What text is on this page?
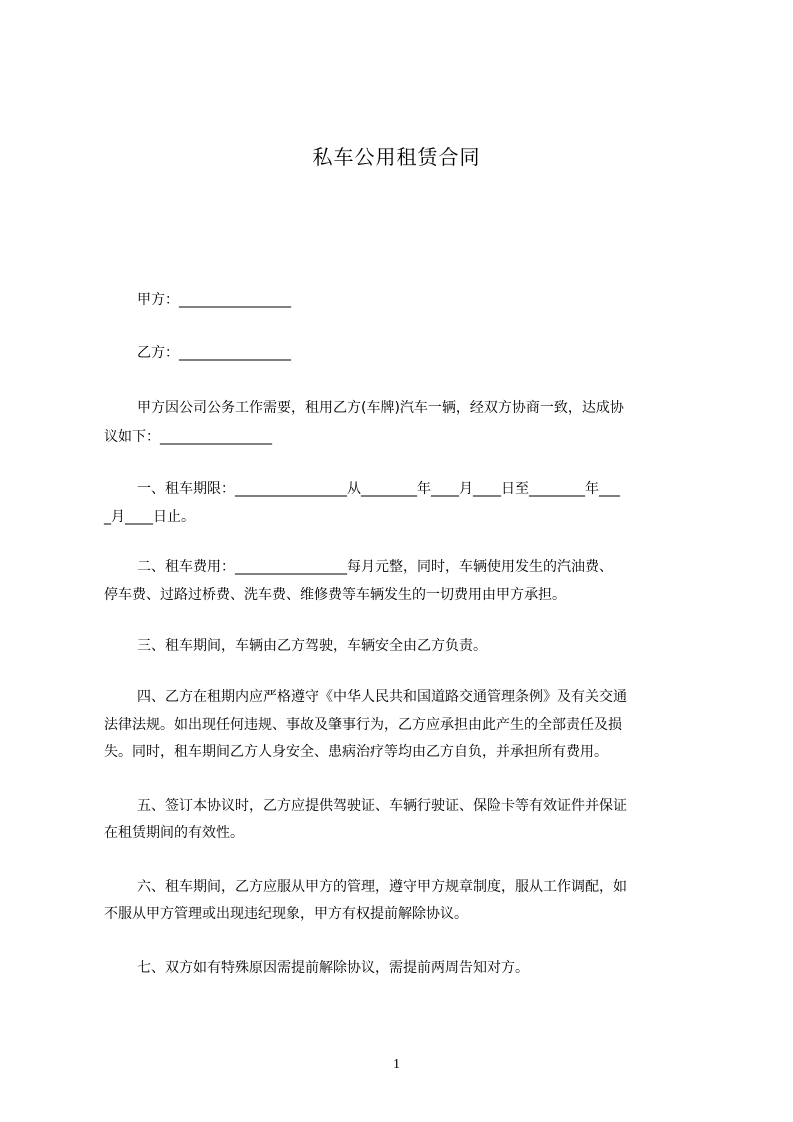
私车公用租赁合同

甲方：________________

乙方：________________

甲方因公司公务工作需要，租用乙方(车牌)汽车一辆，经双方协商一致，达成协

议如下：________________

一、租车期限：________________从________年____月____日至________年___

_月____日止。

二、租车费用：________________每月元整，同时，车辆使用发生的汽油费、

停车费、过路过桥费、洗车费、维修费等车辆发生的一切费用由甲方承担。

三、租车期间，车辆由乙方驾驶，车辆安全由乙方负责。

四、乙方在租期内应严格遵守《中华人民共和国道路交通管理条例》及有关交通

法律法规。如出现任何违规、事故及肇事行为，乙方应承担由此产生的全部责任及损

失。同时，租车期间乙方人身安全、患病治疗等均由乙方自负，并承担所有费用。

五、签订本协议时，乙方应提供驾驶证、车辆行驶证、保险卡等有效证件并保证

在租赁期间的有效性。

六、租车期间，乙方应服从甲方的管理，遵守甲方规章制度，服从工作调配，如

不服从甲方管理或出现违纪现象，甲方有权提前解除协议。

七、双方如有特殊原因需提前解除协议，需提前两周告知对方。

1
